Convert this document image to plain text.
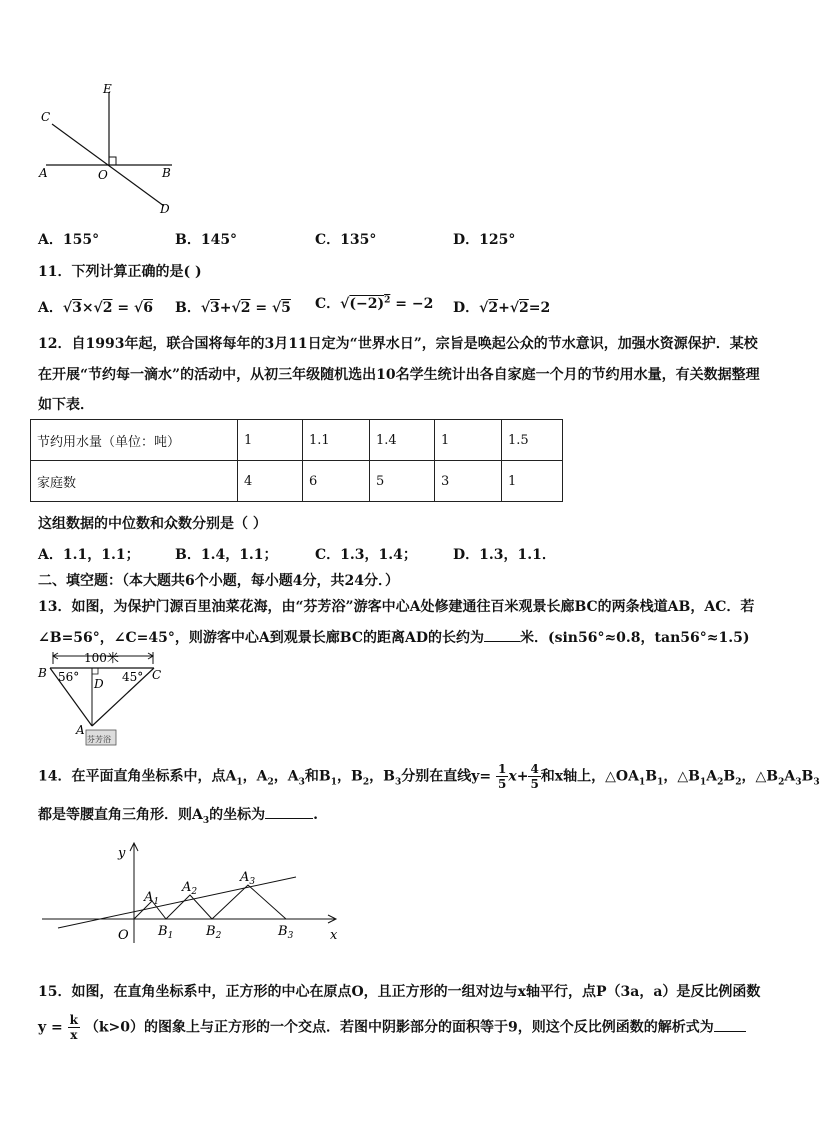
E
C
A	O	B
D
A．155°	B．145°	C．135°	D．125°
11．下列计算正确的是( )
A．√3×√2 = √6 B．√3+√2 = √5 C．$√(-2)^2 = -2$ D．√2+√2=2
12．自1993年起，联合国将每年的3月11日定为“世界水日”，宗旨是唤起公众的节水意识，加强水资源保护．某校
在开展“节约每一滴水”的活动中，从初三年级随机选出10名学生统计出各自家庭一个月的节约用水量，有关数据整理
如下表．
节约用水量（单位：吨）	1	1.1	1.4	1	1.5
家庭数	4	6	5	3	1
这组数据的中位数和众数分别是（ ）
A．1.1，1.1；	B．1.4，1.1；	C．1.3，1.4；	D．1.3，1.1．
二、填空题：（本大题共6个小题，每小题4分，共24分．）
13．如图，为保护门源百里油菜花海，由“芬芳浴”游客中心A处修建通往百米观景长廊BC的两条栈道AB，AC．若
∠B=56°，∠C=45°，则游客中心A到观景长廊BC的距离AD的长约为	米．(sin56°≈0.8，tan56°≈1.5)
100米
B 56° D 45° C
A
芬芳浴
14．在平面直角坐标系中，点$A_1$，$A_2$，$A_3$和$B_1$，$B_2$，$B_3$分别在直线$y= \frac{1}{5} x+ \frac{4}{5}$ 和x轴上，$\triangle OA_1B_1$，$\triangle B_1A_2B_2$，$\triangle B_2A_3B_3$
都是等腰直角三角形．则$A_3$的坐标为	.
y
x
O
$A_1$
$A_2$
$A_3$
$B_1$	$B_2$	$B_3$
15．如图，在直角坐标系中，正方形的中心在原点O，且正方形的一组对边与x轴平行，点P（3a，a）是反比例函数
$y = \frac{k}{x} (k>0)$的图象上与正方形的一个交点．若图中阴影部分的面积等于9，则这个反比例函数的解析式为
